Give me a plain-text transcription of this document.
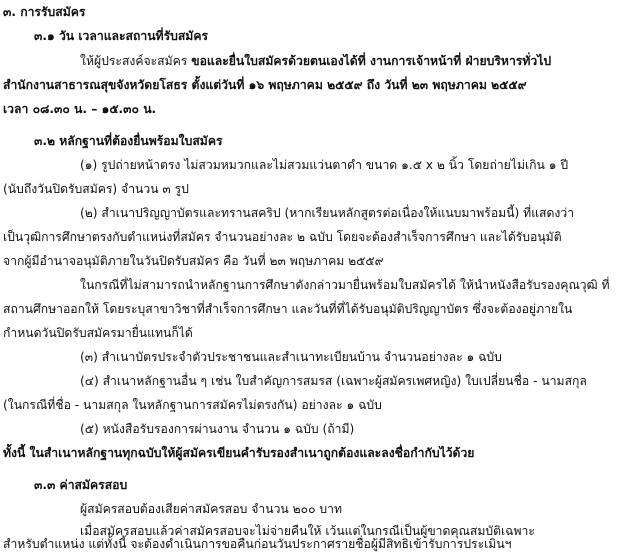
๓. การรับสมัคร
๓.๑ วัน เวลาและสถานที่รับสมัคร
ให้ผู้ประสงค์จะสมัคร ขอและยื่นใบสมัครด้วยตนเองได้ที่ งานการเจ้าหน้าที่ ฝ่ายบริหารทั่วไป
สำนักงานสาธารณสุขจังหวัดยโสธร ตั้งแต่วันที่ ๑๖ พฤษภาคม ๒๕๕๙ ถึง วันที่ ๒๓ พฤษภาคม ๒๕๕๙
เวลา ๐๘.๓๐ น. – ๑๕.๓๐ น.
๓.๒ หลักฐานที่ต้องยื่นพร้อมใบสมัคร
(๑) รูปถ่ายหน้าตรง ไม่สวมหมวกและไม่สวมแว่นตาดำ ขนาด ๑.๕ x ๒ นิ้ว โดยถ่ายไม่เกิน ๑ ปี
(นับถึงวันปิดรับสมัคร) จำนวน ๓ รูป
(๒) สำเนาปริญญาบัตรและทรานสคริป (หากเรียนหลักสูตรต่อเนื่องให้แนบมาพร้อมนี้) ที่แสดงว่า
เป็นวุฒิการศึกษาตรงกับตำแหน่งที่สมัคร จำนวนอย่างละ ๒ ฉบับ โดยจะต้องสำเร็จการศึกษา และได้รับอนุมัติ
จากผู้มีอำนาจอนุมัติภายในวันปิดรับสมัคร คือ วันที่ ๒๓ พฤษภาคม ๒๕๕๙
ในกรณีที่ไม่สามารถนำหลักฐานการศึกษาดังกล่าวมายื่นพร้อมใบสมัครได้ ให้นำหนังสือรับรองคุณวุฒิ ที่
สถานศึกษาออกให้ โดยระบุสาขาวิชาที่สำเร็จการศึกษา และวันที่ที่ได้รับอนุมัติปริญญาบัตร ซึ่งจะต้องอยู่ภายใน
กำหนดวันปิดรับสมัครมายื่นแทนก็ได้
(๓) สำเนาบัตรประจำตัวประชาชนและสำเนาทะเบียนบ้าน จำนวนอย่างละ ๑ ฉบับ
(๔) สำเนาหลักฐานอื่น ๆ เช่น ใบสำคัญการสมรส (เฉพาะผู้สมัครเพศหญิง) ใบเปลี่ยนชื่อ - นามสกุล
(ในกรณีที่ชื่อ - นามสกุล ในหลักฐานการสมัครไม่ตรงกัน) อย่างละ ๑ ฉบับ
(๕) หนังสือรับรองการผ่านงาน จำนวน ๑ ฉบับ (ถ้ามี)
ทั้งนี้ ในสำเนาหลักฐานทุกฉบับให้ผู้สมัครเขียนคำรับรองสำเนาถูกต้องและลงชื่อกำกับไว้ด้วย
๓.๓ ค่าสมัครสอบ
ผู้สมัครสอบต้องเสียค่าสมัครสอบ จำนวน ๒๐๐ บาท
เมื่อสมัครสอบแล้วค่าสมัครสอบจะไม่จ่ายคืนให้ เว้นแต่ในกรณีเป็นผู้ขาดคุณสมบัติเฉพาะ
สำหรับตำแหน่ง แต่ทั้งนี้ จะต้องดำเนินการขอคืนก่อนวันประกาศรายชื่อผู้มีสิทธิเข้ารับการประเมินฯ
